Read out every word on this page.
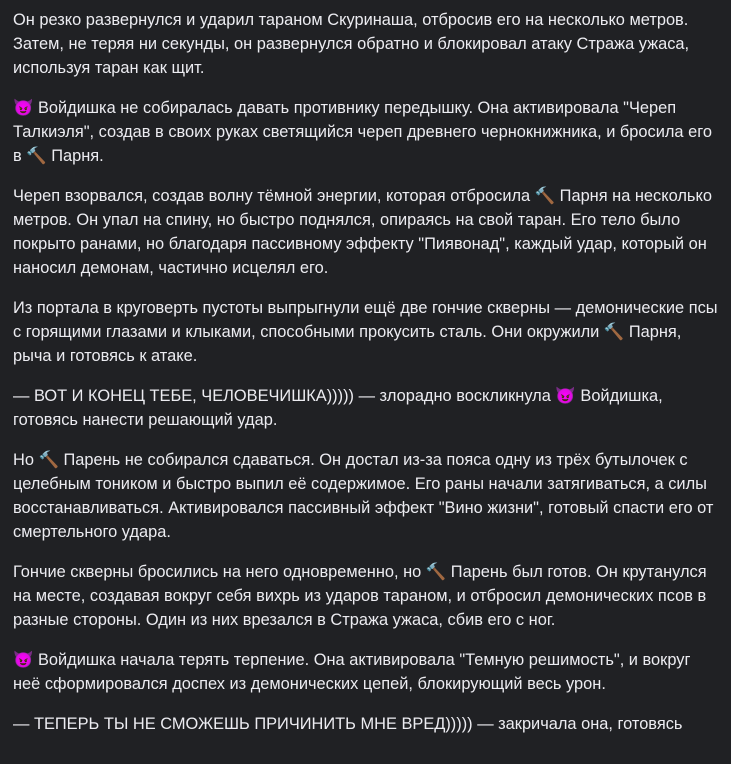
Он резко развернулся и ударил тараном Скуринаша, отбросив его на несколько метров. Затем, не теряя ни секунды, он развернулся обратно и блокировал атаку Стража ужаса, используя таран как щит.

😈 Войдишка не собиралась давать противнику передышку. Она активировала "Череп Талкиэля", создав в своих руках светящийся череп древнего чернокнижника, и бросила его в 🔨 Парня.

Череп взорвался, создав волну тёмной энергии, которая отбросила 🔨 Парня на несколько метров. Он упал на спину, но быстро поднялся, опираясь на свой таран. Его тело было покрыто ранами, но благодаря пассивному эффекту "Пиявонад", каждый удар, который он наносил демонам, частично исцелял его.

Из портала в круговерть пустоты выпрыгнули ещё две гончие скверны — демонические псы с горящими глазами и клыками, способными прокусить сталь. Они окружили 🔨 Парня, рыча и готовясь к атаке.

— ВОТ И КОНЕЦ ТЕБЕ, ЧЕЛОВЕЧИШКА))))) — злорадно воскликнула 😈 Войдишка, готовясь нанести решающий удар.

Но 🔨 Парень не собирался сдаваться. Он достал из-за пояса одну из трёх бутылочек с целебным тоником и быстро выпил её содержимое. Его раны начали затягиваться, а силы восстанавливаться. Активировался пассивный эффект "Вино жизни", готовый спасти его от смертельного удара.

Гончие скверны бросились на него одновременно, но 🔨 Парень был готов. Он крутанулся на месте, создавая вокруг себя вихрь из ударов тараном, и отбросил демонических псов в разные стороны. Один из них врезался в Стража ужаса, сбив его с ног.

😈 Войдишка начала терять терпение. Она активировала "Темную решимость", и вокруг неё сформировался доспех из демонических цепей, блокирующий весь урон.

— ТЕПЕРЬ ТЫ НЕ СМОЖЕШЬ ПРИЧИНИТЬ МНЕ ВРЕД))))) — закричала она, готовясь
